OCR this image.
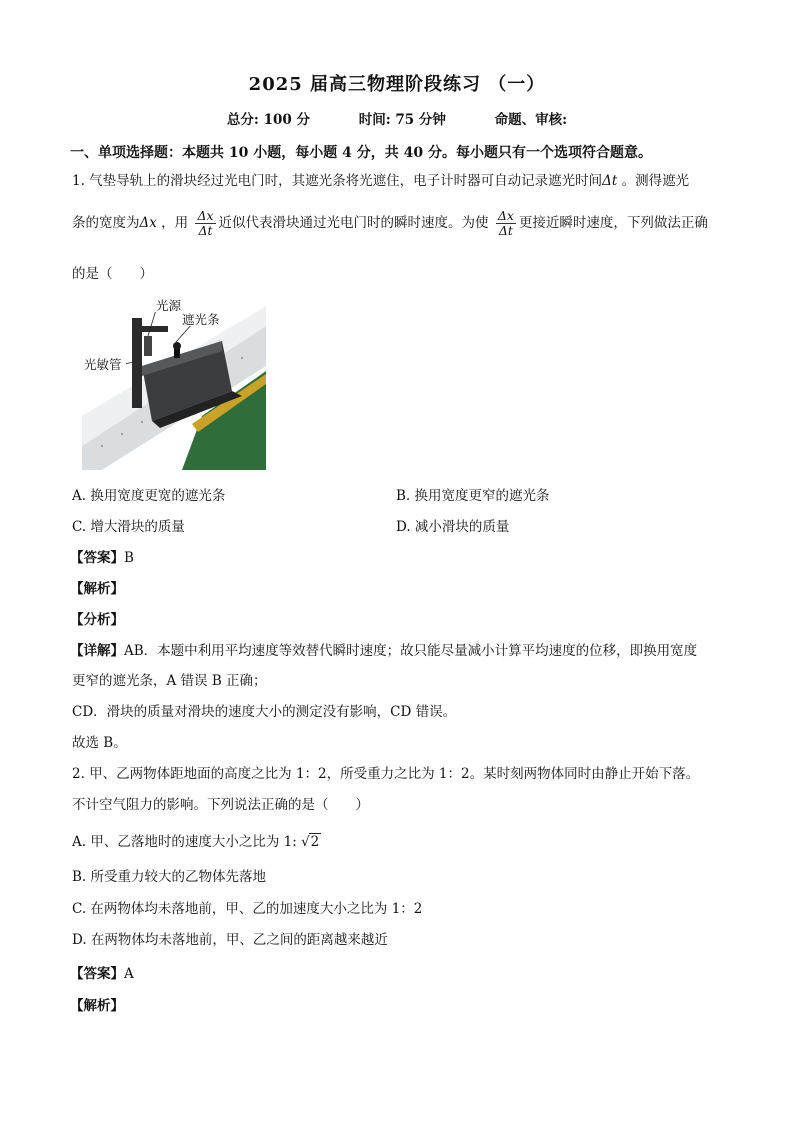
2025 届高三物理阶段练习 （一）
总分: 100 分	时间: 75 分钟	命题、审核:
一、单项选择题：本题共 10 小题，每小题 4 分，共 40 分。每小题只有一个选项符合题意。
1. 气垫导轨上的滑块经过光电门时，其遮光条将光遮住，电子计时器可自动记录遮光时间Δt 。测得遮光
条的宽度为Δx ，用 $\frac{\Delta x}{\Delta t}$ 近似代表滑块通过光电门时的瞬时速度。为使 $\frac{\Delta x}{\Delta t}$ 更接近瞬时速度，下列做法正确
的是（　　）
光源
遮光条
光敏管
A. 换用宽度更宽的遮光条	B. 换用宽度更窄的遮光条
C. 增大滑块的质量	D. 减小滑块的质量
【答案】B
【解析】
【分析】
【详解】AB．本题中利用平均速度等效替代瞬时速度；故只能尽量减小计算平均速度的位移，即换用宽度
更窄的遮光条，A 错误 B 正确；
CD．滑块的质量对滑块的速度大小的测定没有影响，CD 错误。
故选 B。
2. 甲、乙两物体距地面的高度之比为 1：2，所受重力之比为 1：2。某时刻两物体同时由静止开始下落。
不计空气阻力的影响。下列说法正确的是（　　）
A. 甲、乙落地时的速度大小之比为 1: √2
B. 所受重力较大的乙物体先落地
C. 在两物体均未落地前，甲、乙的加速度大小之比为 1：2
D. 在两物体均未落地前，甲、乙之间的距离越来越近
【答案】A
【解析】
